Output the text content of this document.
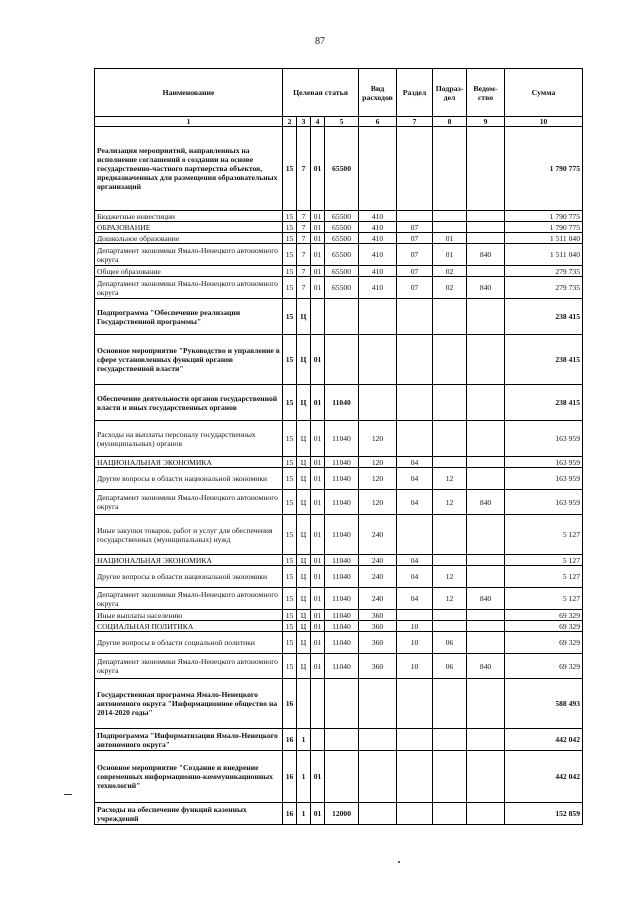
87
Наименование	Целевая статья				Вид расходов	Раздел	Подраз-дел	Ведом-ство	Сумма
1	2	3	4	5	6	7	8	9	10
Реализация мероприятий, направленных на исполнение соглашений о создании на основе государственно-частного партнерства объектов, предназначенных для размещения образовательных организаций	15	7	01	65500					1 790 775
Бюджетные инвестиции	15	7	01	65500	410				1 790 775
ОБРАЗОВАНИЕ	15	7	01	65500	410	07			1 790 775
Дошкольное образование	15	7	01	65500	410	07	01		1 511 040
Департамент экономики Ямало-Ненецкого автономного округа	15	7	01	65500	410	07	01	840	1 511 040
Общее образование	15	7	01	65500	410	07	02		279 735
Департамент экономики Ямало-Ненецкого автономного округа	15	7	01	65500	410	07	02	840	279 735
Подпрограмма "Обеспечение реализации Государственной программы"	15	Ц							238 415
Основное мероприятие "Руководство и управление в сфере установленных функций органов государственной власти"	15	Ц	01						238 415
Обеспечение деятельности органов государственной власти и иных государственных органов	15	Ц	01	11040					238 415
Расходы на выплаты персоналу государственных (муниципальных) органов	15	Ц	01	11040	120				163 959
НАЦИОНАЛЬНАЯ ЭКОНОМИКА	15	Ц	01	11040	120	04			163 959
Другие вопросы в области национальной экономики	15	Ц	01	11040	120	04	12		163 959
Департамент экономики Ямало-Ненецкого автономного округа	15	Ц	01	11040	120	04	12	840	163 959
Иные закупки товаров, работ и услуг для обеспечения государственных (муниципальных) нужд	15	Ц	01	11040	240				5 127
НАЦИОНАЛЬНАЯ ЭКОНОМИКА	15	Ц	01	11040	240	04			5 127
Другие вопросы в области национальной экономики	15	Ц	01	11040	240	04	12		5 127
Департамент экономики Ямало-Ненецкого автономного округа	15	Ц	01	11040	240	04	12	840	5 127
Иные выплаты населению	15	Ц	01	11040	360				69 329
СОЦИАЛЬНАЯ ПОЛИТИКА	15	Ц	01	11040	360	10			69 329
Другие вопросы в области социальной политики	15	Ц	01	11040	360	10	06		69 329
Департамент экономики Ямало-Ненецкого автономного округа	15	Ц	01	11040	360	10	06	840	69 329
Государственная программа Ямало-Ненецкого автономного округа "Информационное общество на 2014-2020 годы"	16								588 493
Подпрограмма "Информатизация Ямало-Ненецкого автономного округа"	16	1							442 042
Основное мероприятие "Создание и внедрение современных информационно-коммуникационных технологий"	16	1	01						442 042
Расходы на обеспечение функций казенных учреждений	16	1	01	12000					152 859
